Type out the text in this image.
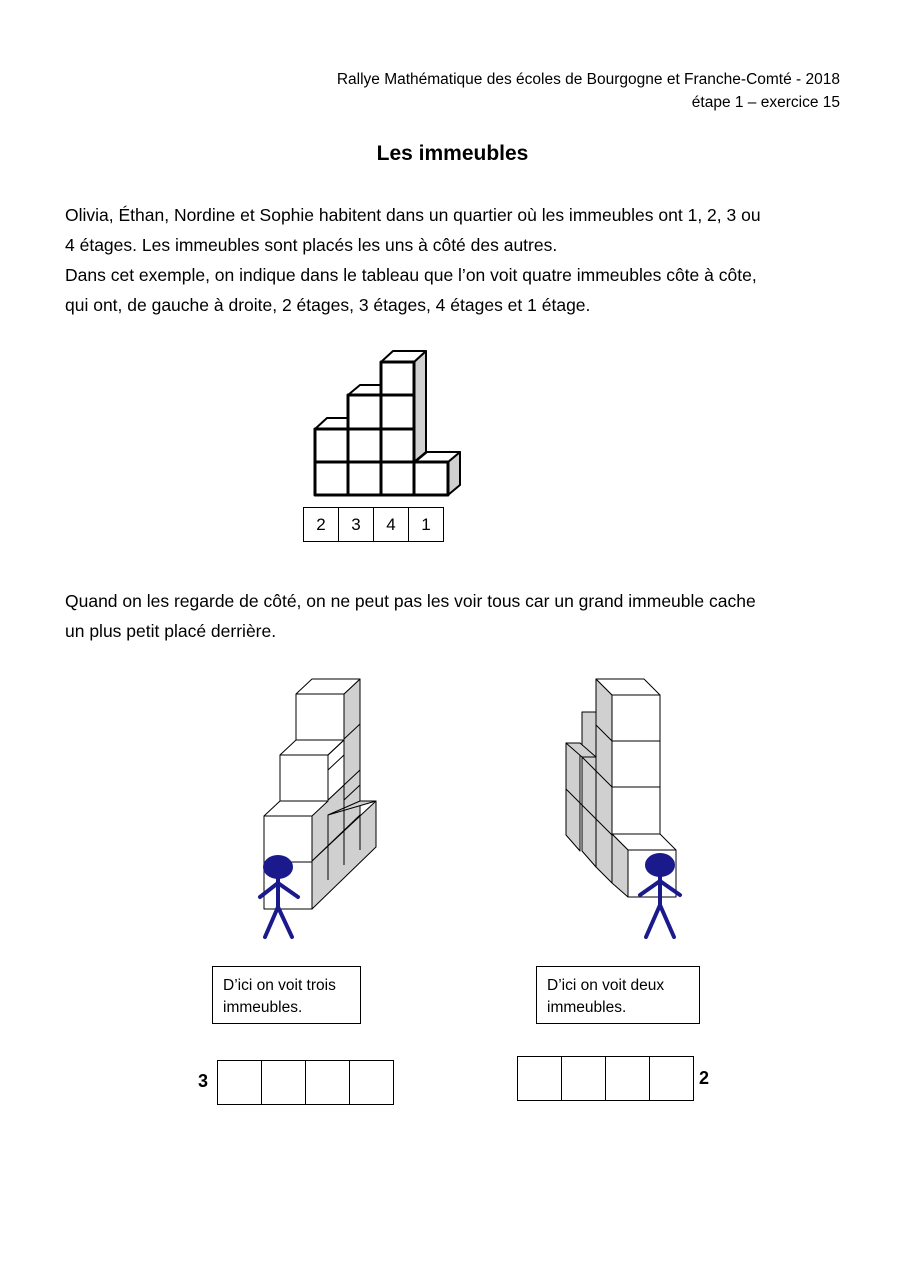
Rallye Mathématique des écoles de Bourgogne et Franche-Comté - 2018
étape 1 – exercice 15
Les immeubles
Olivia, Éthan, Nordine et Sophie habitent dans un quartier où les immeubles ont 1, 2, 3 ou
4 étages. Les immeubles sont placés les uns à côté des autres.
Dans cet exemple, on indique dans le tableau que l’on voit quatre immeubles côte à côte,
qui ont, de gauche à droite, 2 étages, 3 étages, 4 étages et 1 étage.
2	3	4	1
Quand on les regarde de côté, on ne peut pas les voir tous car un grand immeuble cache
un plus petit placé derrière.
D’ici on voit trois
immeubles.
D’ici on voit deux
immeubles.
3	2
